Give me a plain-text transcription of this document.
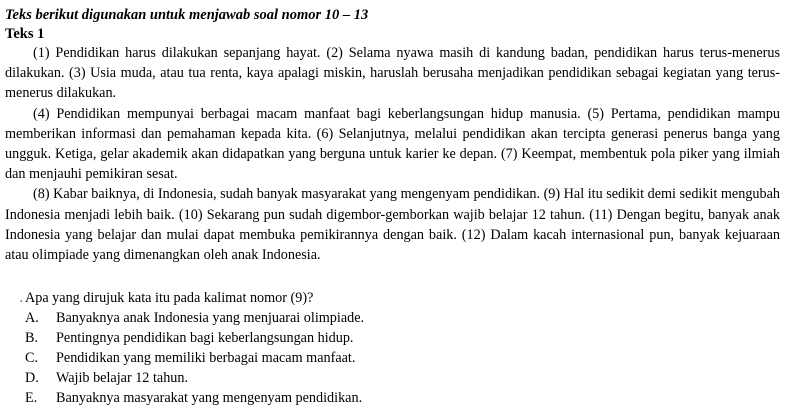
Teks berikut digunakan untuk menjawab soal nomor 10 – 13

Teks 1

(1) Pendidikan harus dilakukan sepanjang hayat. (2) Selama nyawa masih di kandung badan, pendidikan harus terus-menerus dilakukan. (3) Usia muda, atau tua renta, kaya apalagi miskin, haruslah berusaha menjadikan pendidikan sebagai kegiatan yang terus-menerus dilakukan.

(4) Pendidikan mempunyai berbagai macam manfaat bagi keberlangsungan hidup manusia. (5) Pertama, pendidikan mampu memberikan informasi dan pemahaman kepada kita. (6) Selanjutnya, melalui pendidikan akan tercipta generasi penerus banga yang ungguk. Ketiga, gelar akademik akan didapatkan yang berguna untuk karier ke depan. (7) Keempat, membentuk pola piker yang ilmiah dan menjauhi pemikiran sesat.

(8) Kabar baiknya, di Indonesia, sudah banyak masyarakat yang mengenyam pendidikan. (9) Hal itu sedikit demi sedikit mengubah Indonesia menjadi lebih baik. (10) Sekarang pun sudah digembor-gemborkan wajib belajar 12 tahun. (11) Dengan begitu, banyak anak Indonesia yang belajar dan mulai dapat membuka pemikirannya dengan baik. (12) Dalam kacah internasional pun, banyak kejuaraan atau olimpiade yang dimenangkan oleh anak Indonesia.

. Apa yang dirujuk kata itu pada kalimat nomor (9)?

A.	Banyaknya anak Indonesia yang menjuarai olimpiade.
B.	Pentingnya pendidikan bagi keberlangsungan hidup.
C.	Pendidikan yang memiliki berbagai macam manfaat.
D.	Wajib belajar 12 tahun.
E.	Banyaknya masyarakat yang mengenyam pendidikan.
